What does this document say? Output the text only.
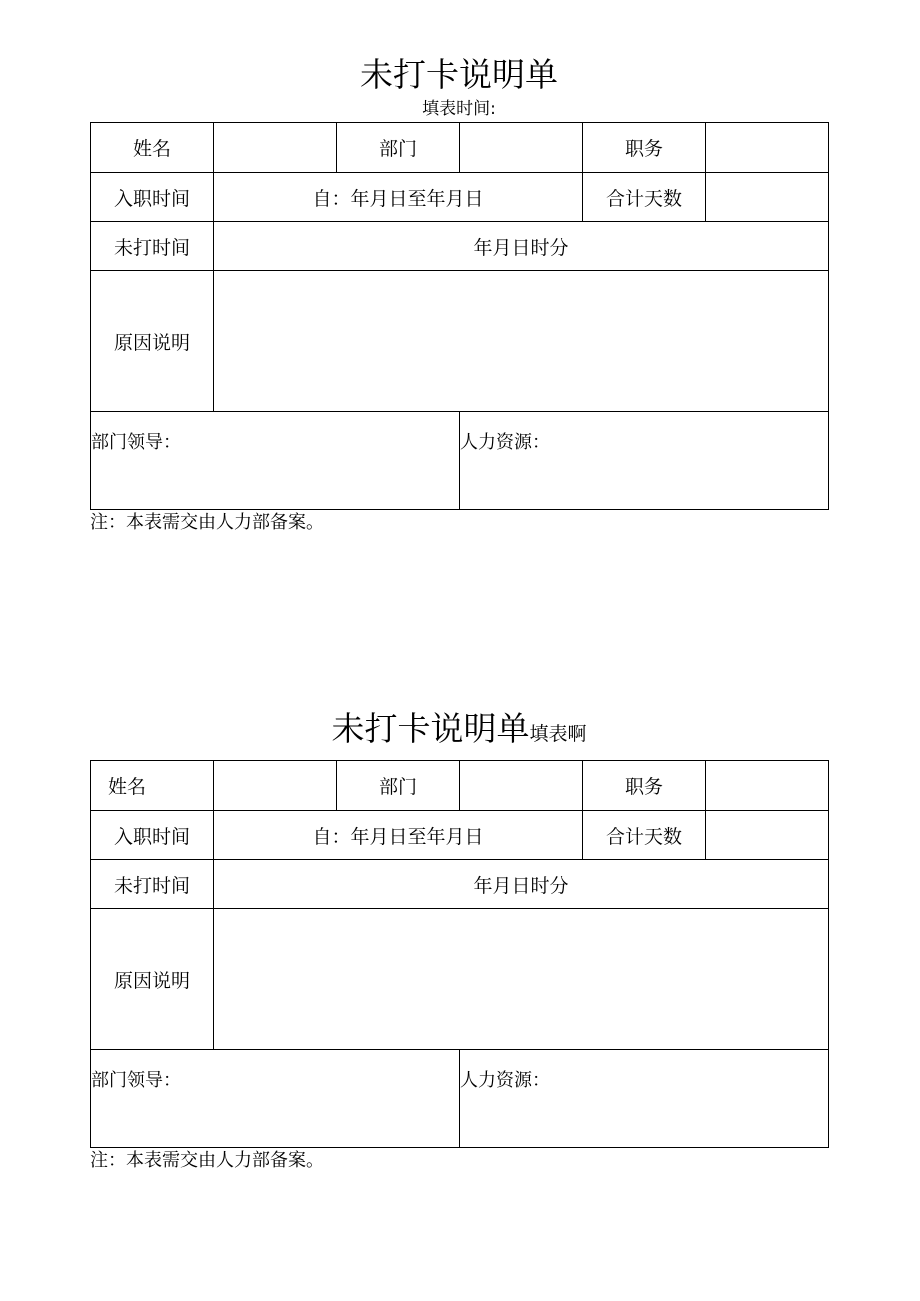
未打卡说明单
填表时间:
姓名		部门		职务	
入职时间	自：年月日至年月日			合计天数	
未打时间	年月日时分				
原因说明					
部门领导：			人力资源：		
注：本表需交由人力部备案。
未打卡说明单填表啊
姓名		部门		职务	
入职时间	自：年月日至年月日			合计天数	
未打时间	年月日时分				
原因说明					
部门领导：			人力资源：		
注：本表需交由人力部备案。
